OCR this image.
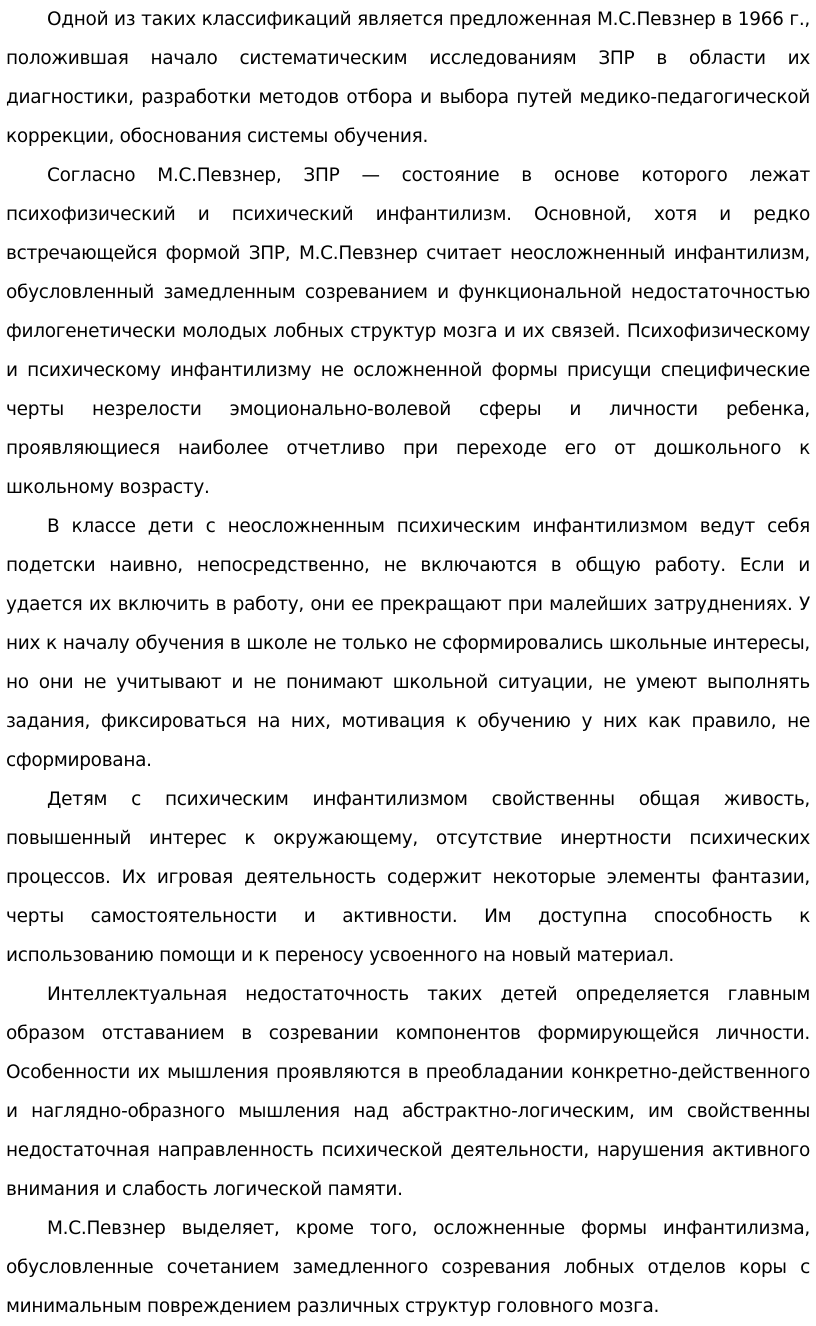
Одной из таких классификаций является предложенная М.С.Певзнер в 1966 г., положившая начало систематическим исследованиям ЗПР в области их диагностики, разработки методов отбора и выбора путей медико-педагогической коррекции, обоснования системы обучения.

Согласно М.С.Певзнер, ЗПР — состояние в основе которого лежат психофизический и психический инфантилизм. Основной, хотя и редко встречающейся формой ЗПР, М.С.Певзнер считает неосложненный инфантилизм, обусловленный замедленным созреванием и функциональной недостаточностью филогенетически молодых лобных структур мозга и их связей. Психофизическому и психическому инфантилизму не осложненной формы присущи специфические черты незрелости эмоционально-волевой сферы и личности ребенка, проявляющиеся наиболее отчетливо при переходе его от дошкольного к школьному возрасту.

В классе дети с неосложненным психическим инфантилизмом ведут себя подетски наивно, непосредственно, не включаются в общую работу. Если и удается их включить в работу, они ее прекращают при малейших затруднениях. У них к началу обучения в школе не только не сформировались школьные интересы, но они не учитывают и не понимают школьной ситуации, не умеют выполнять задания, фиксироваться на них, мотивация к обучению у них как правило, не сформирована.

Детям с психическим инфантилизмом свойственны общая живость, повышенный интерес к окружающему, отсутствие инертности психических процессов. Их игровая деятельность содержит некоторые элементы фантазии, черты самостоятельности и активности. Им доступна способность к использованию помощи и к переносу усвоенного на новый материал.

Интеллектуальная недостаточность таких детей определяется главным образом отставанием в созревании компонентов формирующейся личности. Особенности их мышления проявляются в преобладании конкретно-действенного и наглядно-образного мышления над абстрактно-логическим, им свойственны недостаточная направленность психической деятельности, нарушения активного внимания и слабость логической памяти.

М.С.Певзнер выделяет, кроме того, осложненные формы инфантилизма, обусловленные сочетанием замедленного созревания лобных отделов коры с минимальным повреждением различных структур головного мозга.
